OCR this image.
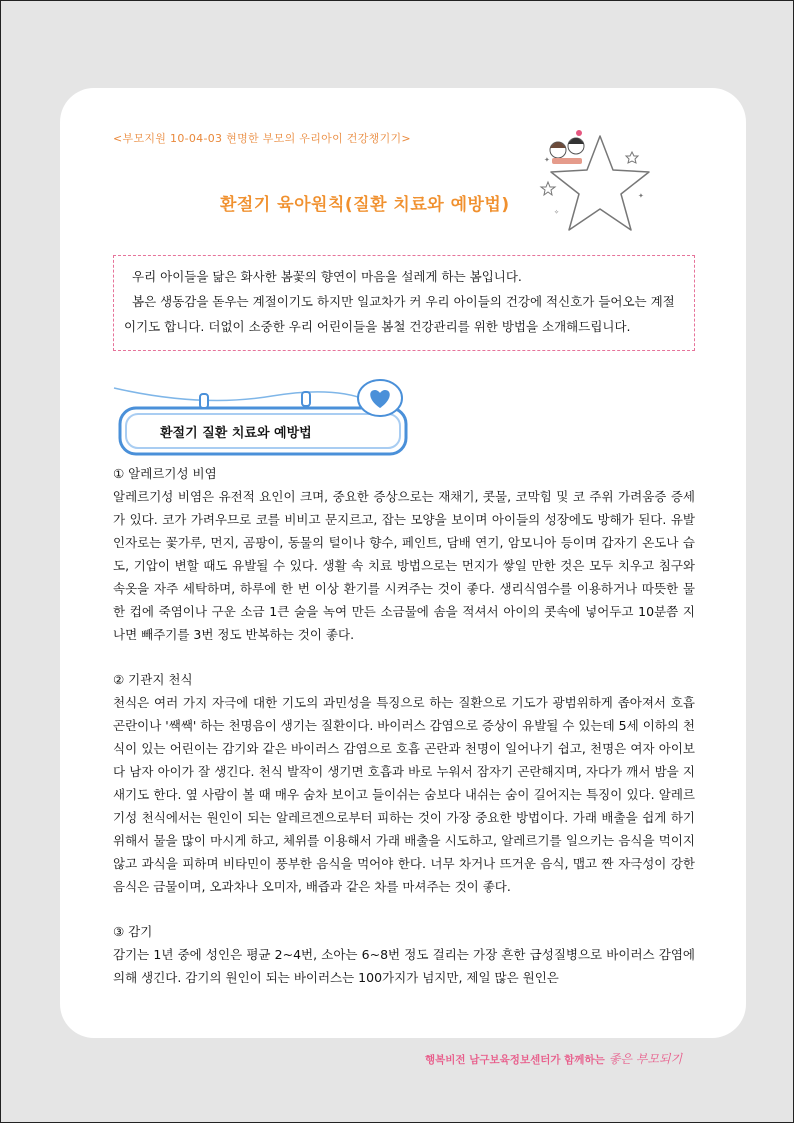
<부모지원 10-04-03 현명한 부모의 우리아이 건강챙기기>
✦
✦
✧
환절기 육아원칙(질환 치료와 예방법)

우리 아이들을 닮은 화사한 봄꽃의 향연이 마음을 설레게 하는 봄입니다.

봄은 생동감을 돋우는 계절이기도 하지만 일교차가 커 우리 아이들의 건강에 적신호가 들어오는 계절이기도 합니다. 더없이 소중한 우리 어린이들을 봄철 건강관리를 위한 방법을 소개해드립니다.

환절기 질환 치료와 예방법

① 알레르기성 비염

알레르기성 비염은 유전적 요인이 크며, 중요한 증상으로는 재채기, 콧물, 코막힘 및 코 주위 가려움증 증세가 있다. 코가 가려우므로 코를 비비고 문지르고, 잡는 모양을 보이며 아이들의 성장에도 방해가 된다. 유발인자로는 꽃가루, 먼지, 곰팡이, 동물의 털이나 향수, 페인트, 담배 연기, 암모니아 등이며 갑자기 온도나 습도, 기압이 변할 때도 유발될 수 있다. 생활 속 치료 방법으로는 먼지가 쌓일 만한 것은 모두 치우고 침구와 속옷을 자주 세탁하며, 하루에 한 번 이상 환기를 시켜주는 것이 좋다. 생리식염수를 이용하거나 따뜻한 물 한 컵에 죽염이나 구운 소금 1큰 술을 녹여 만든 소금물에 솜을 적셔서 아이의 콧속에 넣어두고 10분쯤 지나면 빼주기를 3번 정도 반복하는 것이 좋다.

② 기관지 천식

천식은 여러 가지 자극에 대한 기도의 과민성을 특징으로 하는 질환으로 기도가 광범위하게 좁아져서 호흡 곤란이나 '쌕쌕' 하는 천명음이 생기는 질환이다. 바이러스 감염으로 증상이 유발될 수 있는데 5세 이하의 천식이 있는 어린이는 감기와 같은 바이러스 감염으로 호흡 곤란과 천명이 일어나기 쉽고, 천명은 여자 아이보다 남자 아이가 잘 생긴다. 천식 발작이 생기면 호흡과 바로 누워서 잠자기 곤란해지며, 자다가 깨서 밤을 지새기도 한다. 옆 사람이 볼 때 매우 숨차 보이고 들이쉬는 숨보다 내쉬는 숨이 길어지는 특징이 있다. 알레르기성 천식에서는 원인이 되는 알레르겐으로부터 피하는 것이 가장 중요한 방법이다. 가래 배출을 쉽게 하기 위해서 물을 많이 마시게 하고, 체위를 이용해서 가래 배출을 시도하고, 알레르기를 일으키는 음식을 먹이지 않고 과식을 피하며 비타민이 풍부한 음식을 먹어야 한다. 너무 차거나 뜨거운 음식, 맵고 짠 자극성이 강한 음식은 금물이며, 오과차나 오미자, 배즙과 같은 차를 마셔주는 것이 좋다.

③ 감기

감기는 1년 중에 성인은 평균 2~4번, 소아는 6~8번 정도 걸리는 가장 흔한 급성질병으로 바이러스 감염에 의해 생긴다. 감기의 원인이 되는 바이러스는 100가지가 넘지만, 제일 많은 원인은

행복비전 남구보육정보센터가 함께하는 좋은 부모되기
